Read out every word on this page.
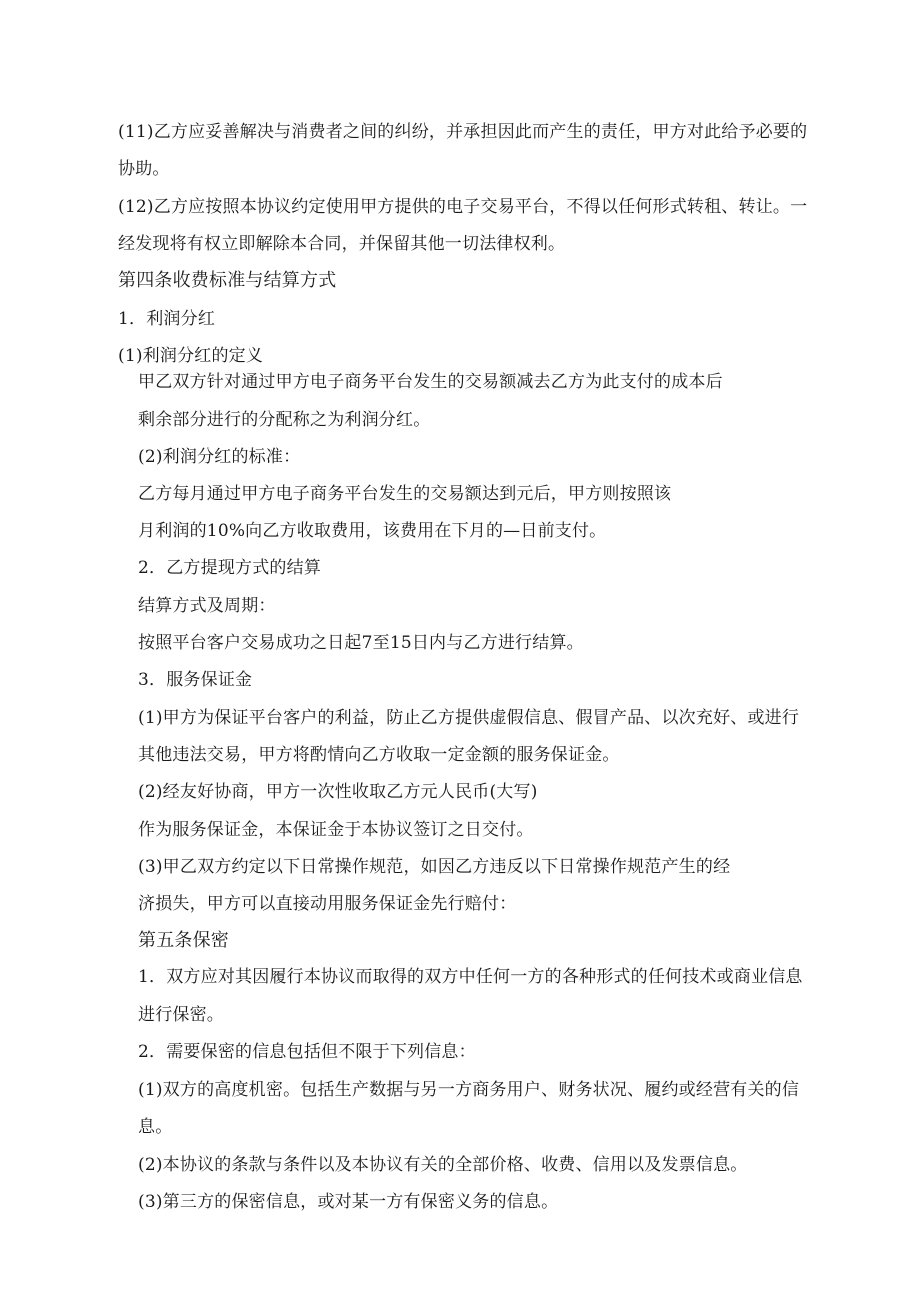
(11)乙方应妥善解决与消费者之间的纠纷，并承担因此而产生的责任，甲方对此给予必要的
协助。
(12)乙方应按照本协议约定使用甲方提供的电子交易平台，不得以任何形式转租、转让。一
经发现将有权立即解除本合同，并保留其他一切法律权利。
第四条收费标准与结算方式
1．利润分红
(1)利润分红的定义
甲乙双方针对通过甲方电子商务平台发生的交易额减去乙方为此支付的成本后
剩余部分进行的分配称之为利润分红。
(2)利润分红的标准：
乙方每月通过甲方电子商务平台发生的交易额达到元后，甲方则按照该
月利润的10%向乙方收取费用，该费用在下月的—日前支付。
2．乙方提现方式的结算
结算方式及周期：
按照平台客户交易成功之日起7至15日内与乙方进行结算。
3．服务保证金
(1)甲方为保证平台客户的利益，防止乙方提供虚假信息、假冒产品、以次充好、或进行
其他违法交易，甲方将酌情向乙方收取一定金额的服务保证金。
(2)经友好协商，甲方一次性收取乙方元人民币(大写)
作为服务保证金，本保证金于本协议签订之日交付。
(3)甲乙双方约定以下日常操作规范，如因乙方违反以下日常操作规范产生的经
济损失，甲方可以直接动用服务保证金先行赔付：
第五条保密
1．双方应对其因履行本协议而取得的双方中任何一方的各种形式的任何技术或商业信息
进行保密。
2．需要保密的信息包括但不限于下列信息：
(1)双方的高度机密。包括生产数据与另一方商务用户、财务状况、履约或经营有关的信
息。
(2)本协议的条款与条件以及本协议有关的全部价格、收费、信用以及发票信息。
(3)第三方的保密信息，或对某一方有保密义务的信息。
